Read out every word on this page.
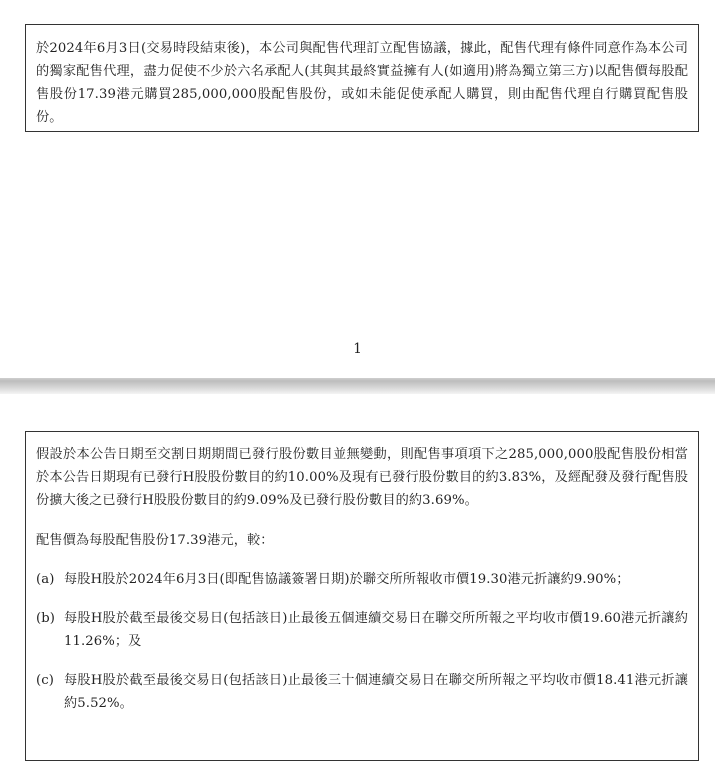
於2024年6月3日(交易時段結束後)，本公司與配售代理訂立配售協議，據此，配售代理有條件同意作為本公司的獨家配售代理，盡力促使不少於六名承配人(其與其最終實益擁有人(如適用)將為獨立第三方)以配售價每股配售股份17.39港元購買285,000,000股配售股份，或如未能促使承配人購買，則由配售代理自行購買配售股份。

1

假設於本公告日期至交割日期期間已發行股份數目並無變動，則配售事項項下之285,000,000股配售股份相當於本公告日期現有已發行H股股份數目的約10.00%及現有已發行股份數目的約3.83%，及經配發及發行配售股份擴大後之已發行H股股份數目的約9.09%及已發行股份數目的約3.69%。

配售價為每股配售股份17.39港元，較：

(a) 每股H股於2024年6月3日(即配售協議簽署日期)於聯交所所報收市價19.30港元折讓約9.90%；
(b) 每股H股於截至最後交易日(包括該日)止最後五個連續交易日在聯交所所報之平均收市價19.60港元折讓約11.26%；及
(c) 每股H股於截至最後交易日(包括該日)止最後三十個連續交易日在聯交所所報之平均收市價18.41港元折讓約5.52%。
